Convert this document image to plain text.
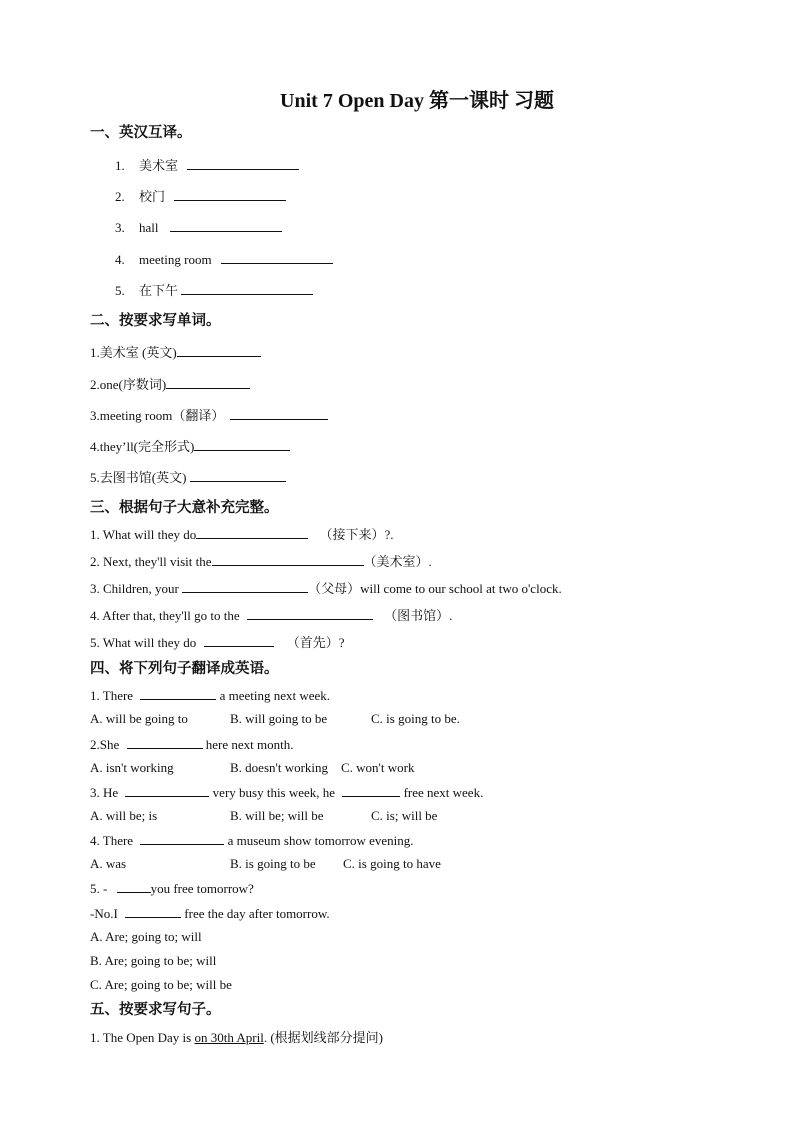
Unit 7 Open Day 第一课时 习题
一、英汉互译。
1. 美术室
2. 校门
3. hall
4. meeting room
5. 在下午
二、按要求写单词。
1.美术室 (英文)
2.one(序数词)
3.meeting room（翻译）
4.they’ll(完全形式)
5.去图书馆(英文)
三、根据句子大意补充完整。
1. What will they do	（接下来）?.
2. Next, they'll visit the	（美术室）.
3. Children, your	（父母）will come to our school at two o'clock.
4. After that, they'll go to the	（图书馆）.
5. What will they do	（首先）?
四、将下列句子翻译成英语。
1. There	a meeting next week.
A. will be going to	B. will going to be	C. is going to be.
2.She	here next month.
A. isn't working	B. doesn't working C. won't work
3. He	very busy this week, he	free next week.
A. will be; is	B. will be; will be	C. is; will be
4. There	a museum show tomorrow evening.
A. was	B. is going to be C. is going to have
5. -	you free tomorrow?
-No.I	free the day after tomorrow.
A. Are; going to; will
B. Are; going to be; will
C. Are; going to be; will be
五、按要求写句子。
1. The Open Day is on 30th April. (根据划线部分提问)
